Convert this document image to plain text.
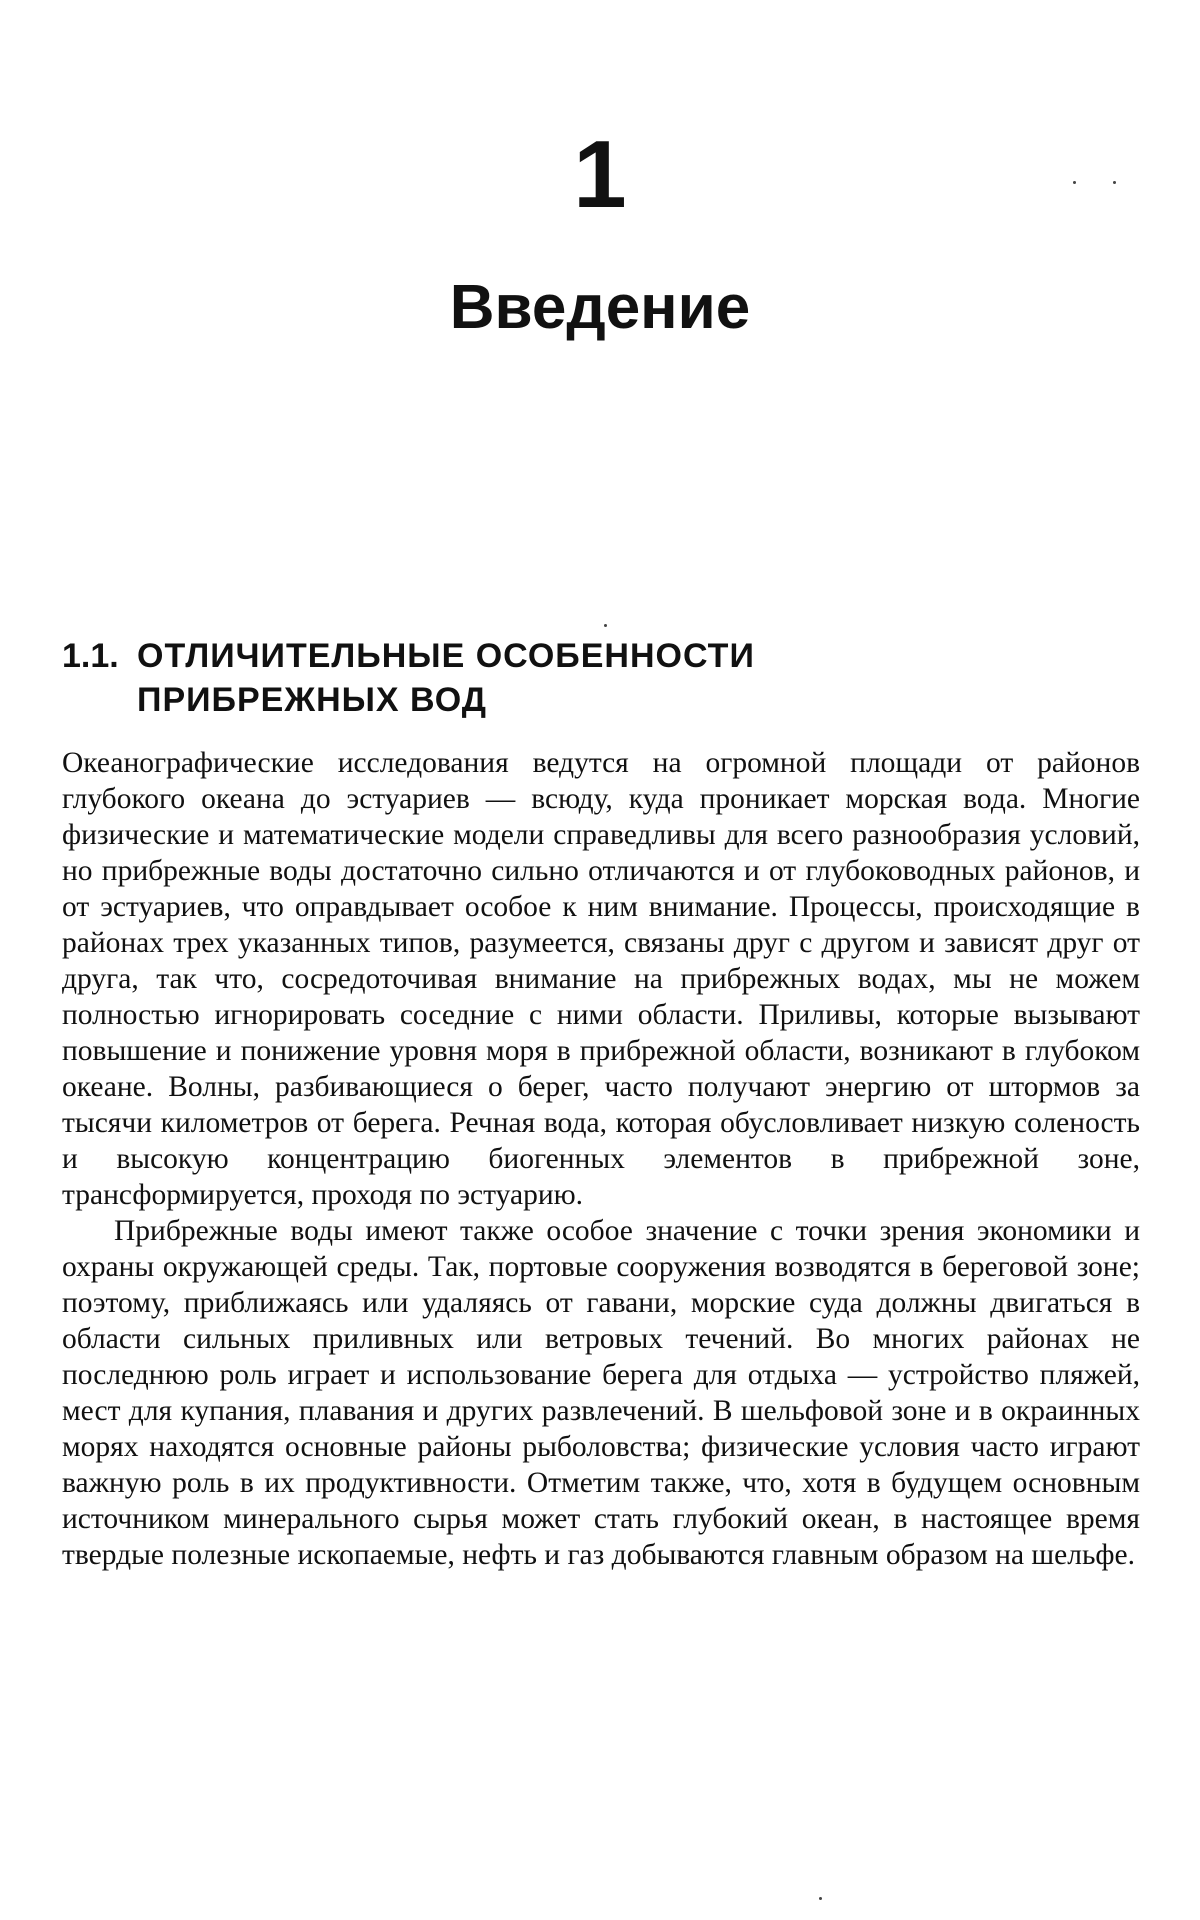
1
Введение
1.1. ОТЛИЧИТЕЛЬНЫЕ ОСОБЕННОСТИ ПРИБРЕЖНЫХ ВОД

Океанографические исследования ведутся на огромной площади от районов глубокого океана до эстуариев — всюду, куда проникает морская вода. Многие физические и математические модели справедливы для всего разнообразия условий, но прибрежные воды достаточно сильно отличаются и от глубоководных районов, и от эстуариев, что оправдывает особое к ним внимание. Процессы, происходящие в районах трех указанных типов, разумеется, связаны друг с другом и зависят друг от друга, так что, сосредоточивая внимание на прибрежных водах, мы не можем полностью игнорировать соседние с ними области. Приливы, которые вызывают повышение и понижение уровня моря в прибрежной области, возникают в глубоком океане. Волны, разбивающиеся о берег, часто получают энергию от штормов за тысячи километров от берега. Речная вода, которая обусловливает низкую соленость и высокую концентрацию биогенных элементов в прибрежной зоне, трансформируется, проходя по эстуарию.

Прибрежные воды имеют также особое значение с точки зрения экономики и охраны окружающей среды. Так, портовые сооружения возводятся в береговой зоне; поэтому, приближаясь или удаляясь от гавани, морские суда должны двигаться в области сильных приливных или ветровых течений. Во многих районах не последнюю роль играет и использование берега для отдыха — устройство пляжей, мест для купания, плавания и других развлечений. В шельфовой зоне и в окраинных морях находятся основные районы рыболовства; физические условия часто играют важную роль в их продуктивности. Отметим также, что, хотя в будущем основным источником минерального сырья может стать глубокий океан, в настоящее время твердые полезные ископаемые, нефть и газ добываются главным образом на шельфе.
